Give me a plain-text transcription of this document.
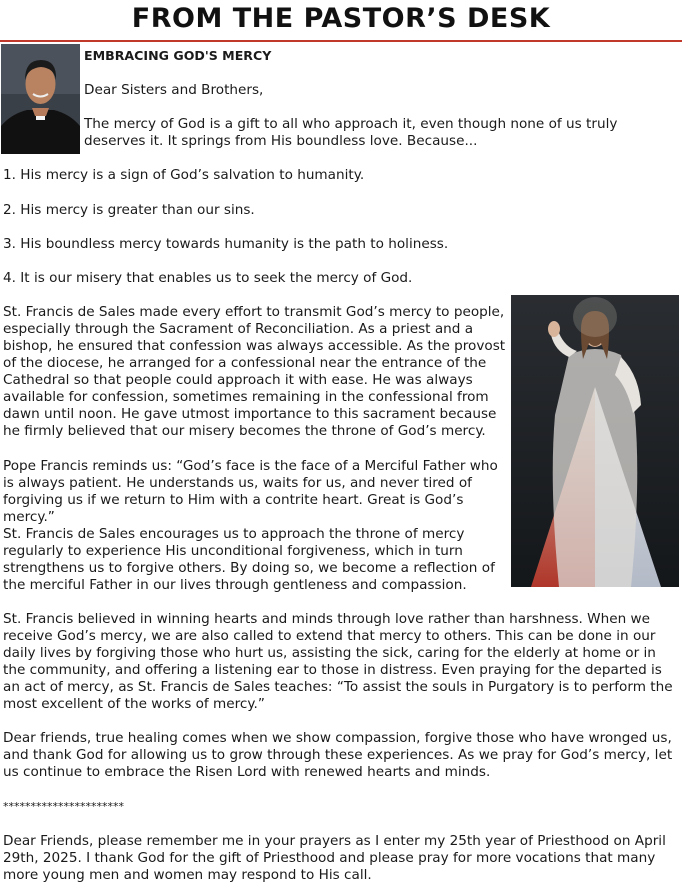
FROM THE PASTOR’S DESK

EMBRACING GOD'S MERCY

Dear Sisters and Brothers,

The mercy of God is a gift to all who approach it, even though none of us truly deserves it. It springs from His boundless love. Because...

1. His mercy is a sign of God’s salvation to humanity.

2. His mercy is greater than our sins.

3. His boundless mercy towards humanity is the path to holiness.

4. It is our misery that enables us to seek the mercy of God.

St. Francis de Sales made every effort to transmit God’s mercy to people, especially through the Sacrament of Reconciliation. As a priest and a bishop, he ensured that confession was always accessible. As the provost of the diocese, he arranged for a confessional near the entrance of the Cathedral so that people could approach it with ease. He was always available for confession, sometimes remaining in the confessional from dawn until noon. He gave utmost importance to this sacrament because he firmly believed that our misery becomes the throne of God’s mercy.

Pope Francis reminds us: “God’s face is the face of a Merciful Father who is always patient. He understands us, waits for us, and never tired of forgiving us if we return to Him with a contrite heart. Great is God’s mercy.”

St. Francis de Sales encourages us to approach the throne of mercy regularly to experience His unconditional forgiveness, which in turn strengthens us to forgive others. By doing so, we become a reflection of the merciful Father in our lives through gentleness and compassion.

St. Francis believed in winning hearts and minds through love rather than harshness. When we receive God’s mercy, we are also called to extend that mercy to others. This can be done in our daily lives by forgiving those who hurt us, assisting the sick, caring for the elderly at home or in the community, and offering a listening ear to those in distress. Even praying for the departed is an act of mercy, as St. Francis de Sales teaches: “To assist the souls in Purgatory is to perform the most excellent of the works of mercy.”

Dear friends, true healing comes when we show compassion, forgive those who have wronged us, and thank God for allowing us to grow through these experiences. As we pray for God’s mercy, let us continue to embrace the Risen Lord with renewed hearts and minds.

**********************

Dear Friends, please remember me in your prayers as I enter my 25th year of Priesthood on April 29th, 2025. I thank God for the gift of Priesthood and please pray for more vocations that many more young men and women may respond to His call.
